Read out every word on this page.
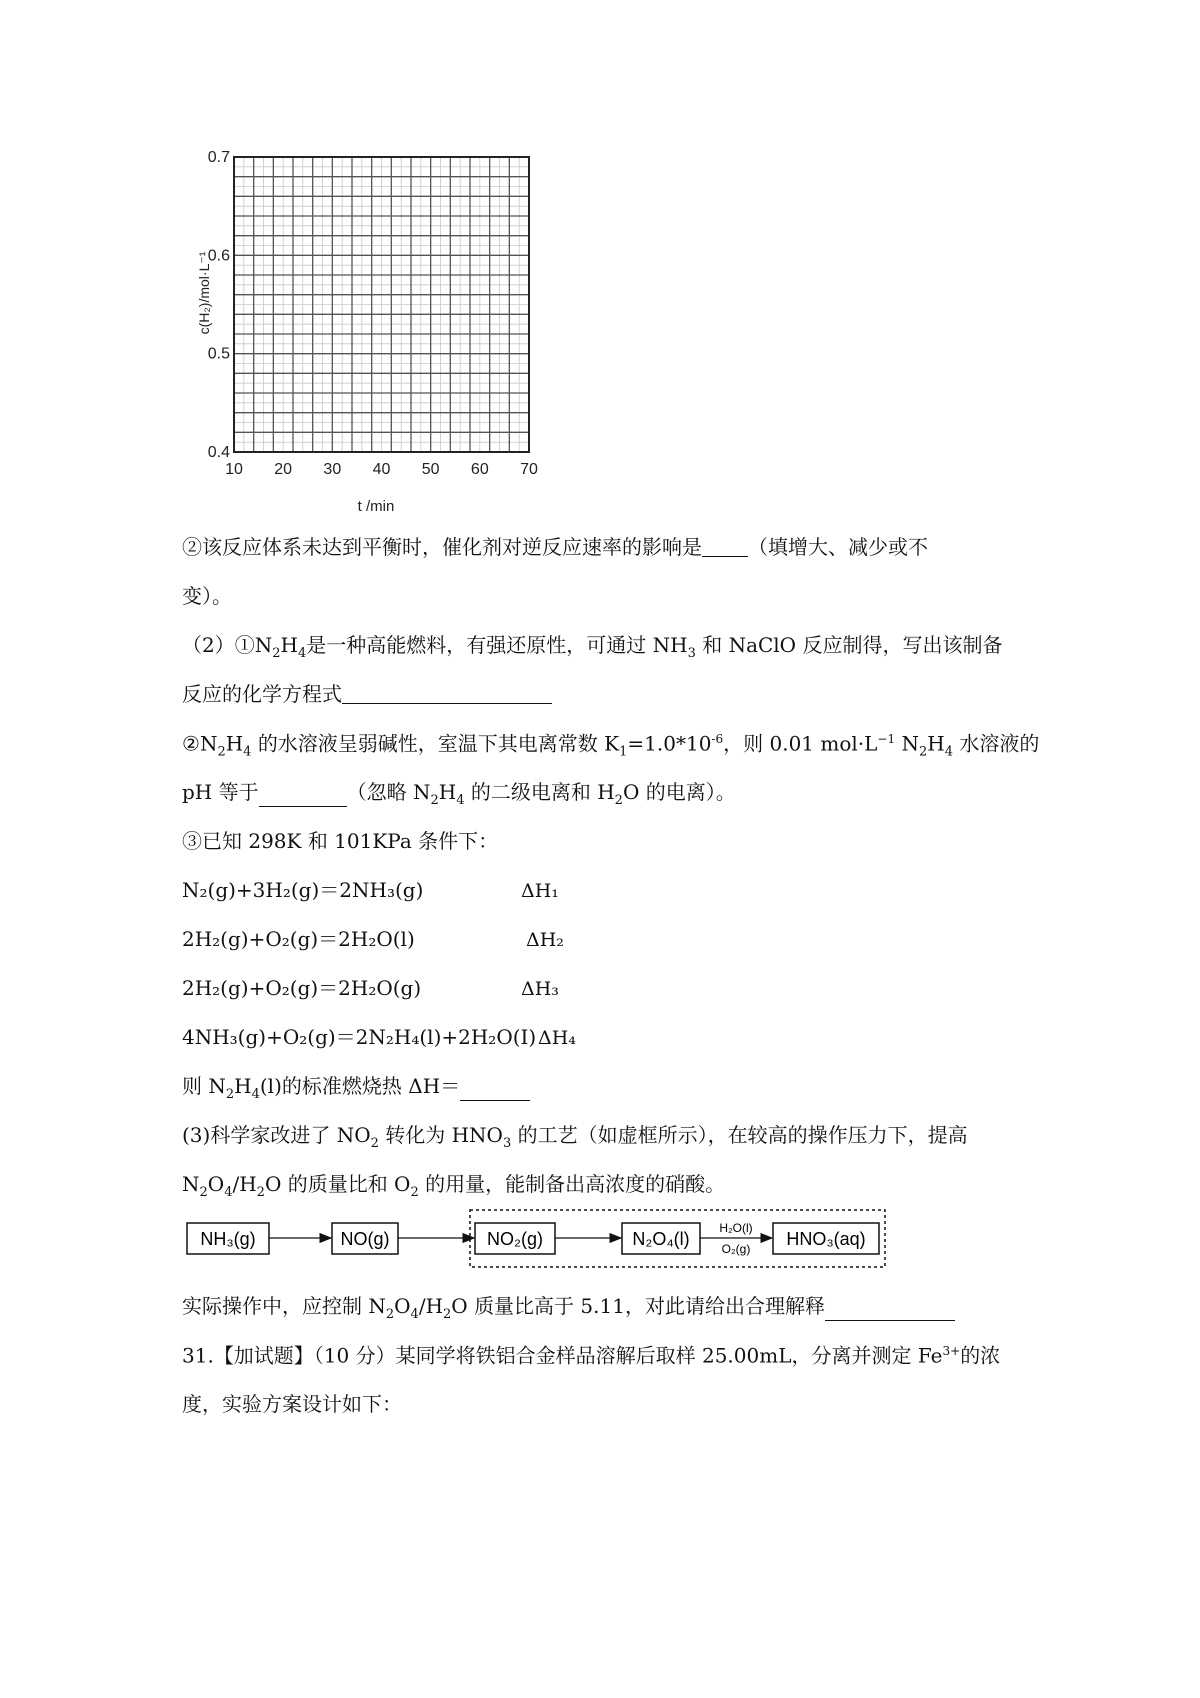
10 20 30 40 50 60 70
0.4
0.5
0.6
0.7
t /min
c(H₂)/mol·L⁻¹
②该反应体系未达到平衡时，催化剂对逆反应速率的影响是 （填增大、减少或不
变）。
$(2)①N_2H_4$是一种高能燃料，有强还原性，可通过 $NH_3$ 和 NaClO 反应制得，写出该制备
反应的化学方程式
$②N_2H_4$ 的水溶液呈弱碱性，室温下其电离常数 $K_1=1.0*10^{-6}$，则 0.01 $mol\cdot L^{-1}$ $N_2H_4$ 水溶液的
pH 等于	（忽略 $N_2H_4$ 的二级电离和 $H_2O$ 的电离）。
③已知 298K 和 101KPa 条件下：
N₂(g)+3H₂(g)＝2NH₃(g)	ΔH₁
2H₂(g)+O₂(g)＝2H₂O(l)	ΔH₂
2H₂(g)+O₂(g)＝2H₂O(g)	ΔH₃
4NH₃(g)+O₂(g)＝2N₂H₄(l)+2H₂O(I) ΔH₄
则 $N_2H_4(l)$的标准燃烧热 ΔH＝
(3)科学家改进了 $NO_2$ 转化为 $HNO_3$ 的工艺（如虚框所示），在较高的操作压力下，提高
$N_2O_4/H_2O$ 的质量比和 $O_2$ 的用量，能制备出高浓度的硝酸。
NH₃(g)	NO(g)	NO₂(g)	N₂O₄(l)	HNO₃(aq)
H₂O(l)
O₂(g)
实际操作中，应控制 $N_2O_4/H_2O$ 质量比高于 5.11，对此请给出合理解释
31.【加试题】（10 分）某同学将铁铝合金样品溶解后取样 25.00mL，分离并测定 $Fe^{3+}$的浓
度，实验方案设计如下：
